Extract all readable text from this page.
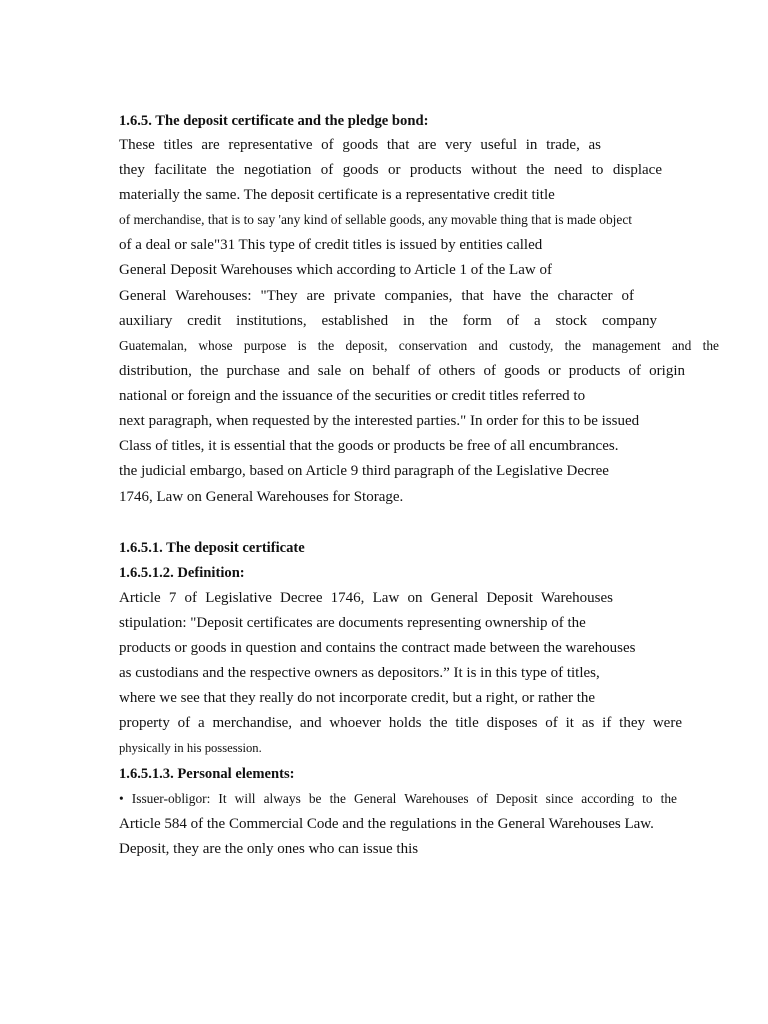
1.6.5. The deposit certificate and the pledge bond:
These titles are representative of goods that are very useful in trade, as
they facilitate the negotiation of goods or products without the need to displace
materially the same. The deposit certificate is a representative credit title
of merchandise, that is to say 'any kind of sellable goods, any movable thing that is made object
of a deal or sale"31 This type of credit titles is issued by entities called
General Deposit Warehouses which according to Article 1 of the Law of
General Warehouses: "They are private companies, that have the character of
auxiliary credit institutions, established in the form of a stock company
Guatemalan, whose purpose is the deposit, conservation and custody, the management and the
distribution, the purchase and sale on behalf of others of goods or products of origin
national or foreign and the issuance of the securities or credit titles referred to
next paragraph, when requested by the interested parties." In order for this to be issued
Class of titles, it is essential that the goods or products be free of all encumbrances.
the judicial embargo, based on Article 9 third paragraph of the Legislative Decree
1746, Law on General Warehouses for Storage.
1.6.5.1. The deposit certificate
1.6.5.1.2. Definition:
Article 7 of Legislative Decree 1746, Law on General Deposit Warehouses
stipulation: "Deposit certificates are documents representing ownership of the
products or goods in question and contains the contract made between the warehouses
as custodians and the respective owners as depositors.” It is in this type of titles,
where we see that they really do not incorporate credit, but a right, or rather the
property of a merchandise, and whoever holds the title disposes of it as if they were
physically in his possession.
1.6.5.1.3. Personal elements:
• Issuer-obligor: It will always be the General Warehouses of Deposit since according to the
Article 584 of the Commercial Code and the regulations in the General Warehouses Law.
Deposit, they are the only ones who can issue this
